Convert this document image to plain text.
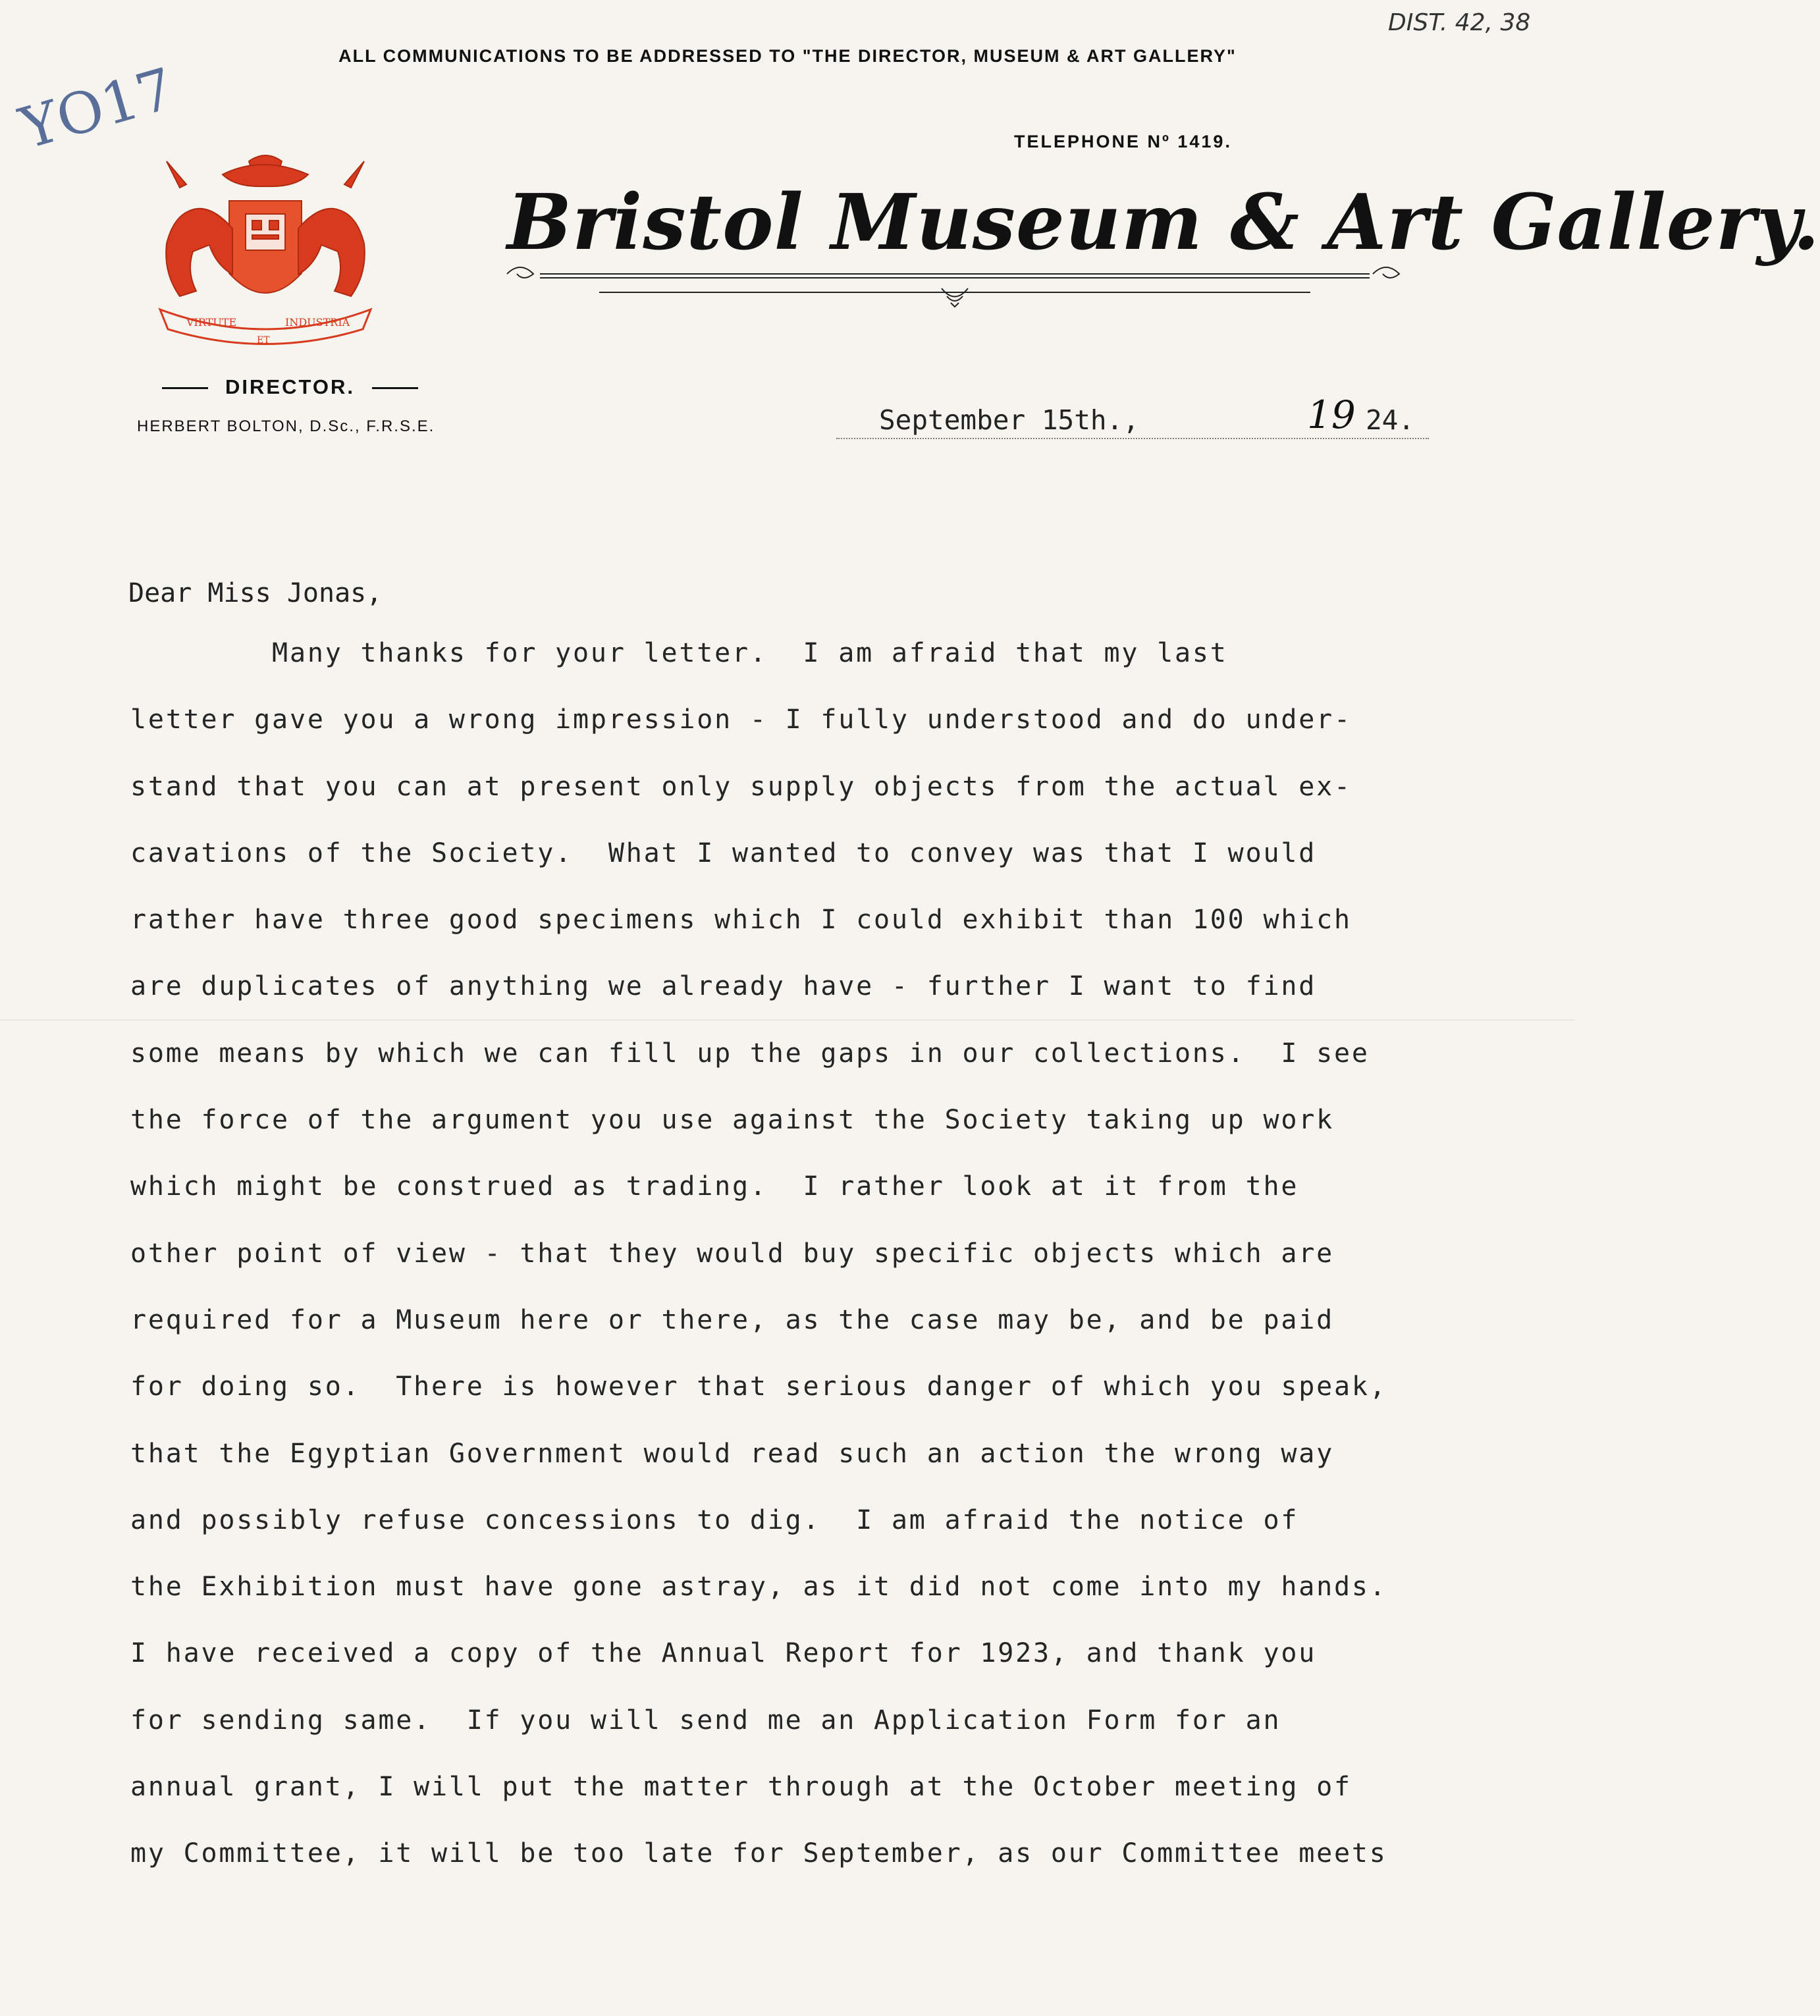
DIST. 42, 38
ALL COMMUNICATIONS TO BE ADDRESSED TO "THE DIRECTOR, MUSEUM & ART GALLERY"
YO17	TELEPHONE Nº 1419.
VIRTUTE
ET
INDUSTRIA
Bristol Museum & Art Gallery.
DIRECTOR.
HERBERT BOLTON, D.Sc., F.R.S.E.	September 15th.,	19 24.
Dear Miss Jonas,
Many thanks for your letter.  I am afraid that my last
letter gave you a wrong impression - I fully understood and do under-
stand that you can at present only supply objects from the actual ex-
cavations of the Society.  What I wanted to convey was that I would
rather have three good specimens which I could exhibit than 100 which
are duplicates of anything we already have - further I want to find
some means by which we can fill up the gaps in our collections.  I see
the force of the argument you use against the Society taking up work
which might be construed as trading.  I rather look at it from the
other point of view - that they would buy specific objects which are
required for a Museum here or there, as the case may be, and be paid
for doing so.  There is however that serious danger of which you speak,
that the Egyptian Government would read such an action the wrong way
and possibly refuse concessions to dig.  I am afraid the notice of
the Exhibition must have gone astray, as it did not come into my hands.
I have received a copy of the Annual Report for 1923, and thank you
for sending same.  If you will send me an Application Form for an
annual grant, I will put the matter through at the October meeting of
my Committee, it will be too late for September, as our Committee meets
